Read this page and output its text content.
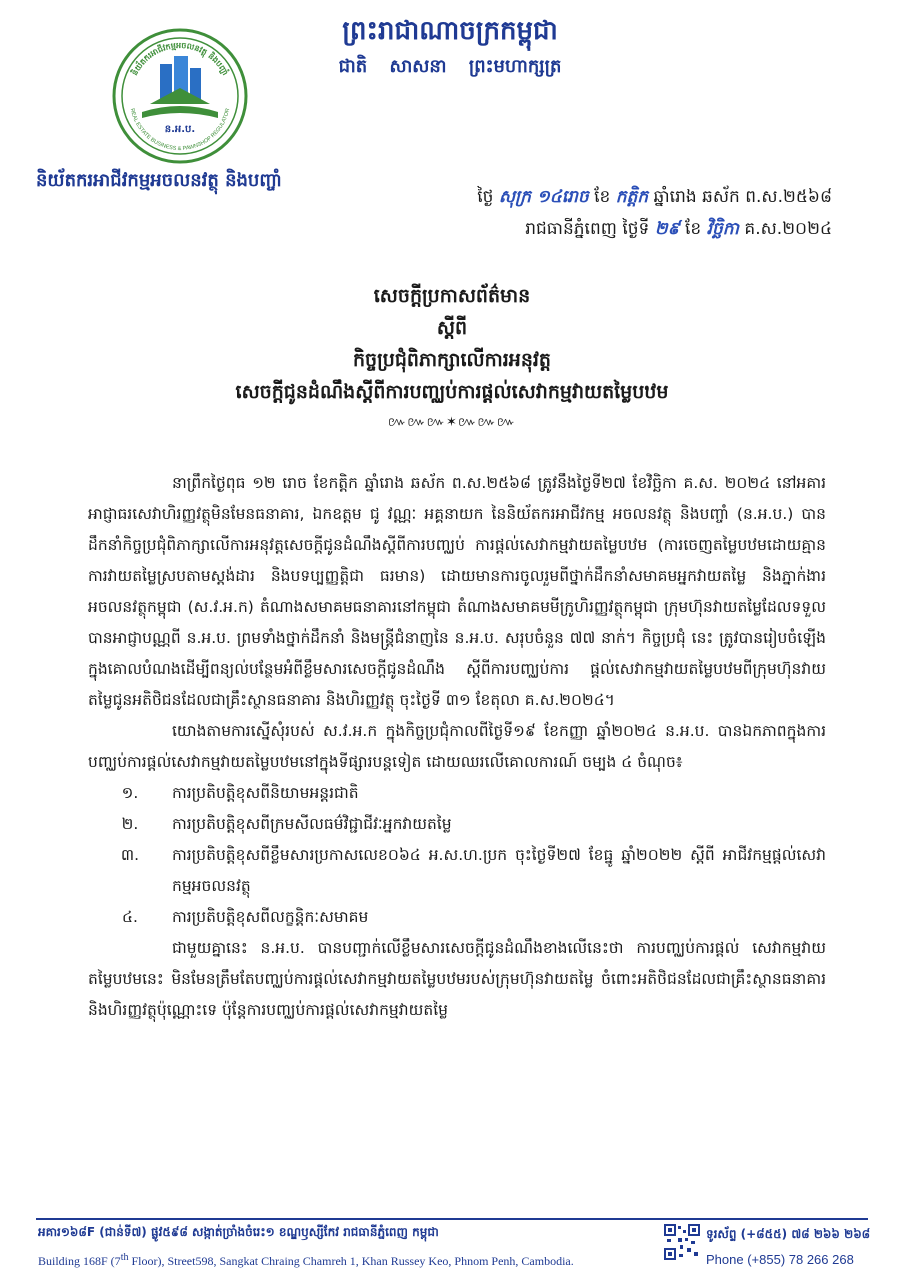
និយ័តករអាជីវកម្មអចលនវត្ថុ និងបញ្ចាំ
REAL ESTATE BUSINESS & PAWNSHOP REGULATOR
ន.អ.ប.
និយ័តករអាជីវកម្មអចលនវត្ថុ និងបញ្ចាំ
ព្រះរាជាណាចក្រកម្ពុជា
ជាតិ សាសនា ព្រះមហាក្សត្រ
ថ្ងៃ សុក្រ ១៤រោច ខែ កត្តិក ឆ្នាំរោង ឆស័ក ព.ស.២៥៦៨
រាជធានីភ្នំពេញ ថ្ងៃទី ២៩ ខែ វិច្ឆិកា គ.ស.២០២៤
សេចក្តីប្រកាសព័ត៌មាន
ស្តីពី
កិច្ចប្រជុំពិភាក្សាលើការអនុវត្ត
សេចក្តីជូនដំណឹងស្តីពីការបញ្ឈប់ការផ្តល់សេវាកម្មវាយតម្លៃបឋម
៚៚៚✶៚៚៚

នាព្រឹកថ្ងៃពុធ ១២ រោច ខែកត្តិក ឆ្នាំរោង ឆស័ក ព.ស.២៥៦៨ ត្រូវនឹងថ្ងៃទី២៧ ខែវិច្ឆិកា គ.ស. ២០២៤ នៅអគារអាជ្ញាធរសេវាហិរញ្ញវត្ថុមិនមែនធនាគារ, ឯកឧត្តម ជូ វណ្ណៈ អគ្គនាយក នៃនិយ័តករអាជីវកម្ម អចលនវត្ថុ និងបញ្ចាំ (ន.អ.ប.) បានដឹកនាំកិច្ចប្រជុំពិភាក្សាលើការអនុវត្តសេចក្តីជូនដំណឹងស្តីពីការបញ្ឈប់ ការផ្តល់សេវាកម្មវាយតម្លៃបឋម (ការចេញតម្លៃបឋមដោយគ្មានការវាយតម្លៃស្របតាមស្តង់ដារ និងបទប្បញ្ញត្តិជា ធរមាន) ដោយមានការចូលរួមពីថ្នាក់ដឹកនាំសមាគមអ្នកវាយតម្លៃ និងភ្នាក់ងារអចលនវត្ថុកម្ពុជា (ស.វ.អ.ក) តំណាងសមាគមធនាគារនៅកម្ពុជា តំណាងសមាគមមីក្រូហិរញ្ញវត្ថុកម្ពុជា ក្រុមហ៊ុនវាយតម្លៃដែលទទួល បានអាជ្ញាបណ្ណពី ន.អ.ប. ព្រមទាំងថ្នាក់ដឹកនាំ និងមន្ត្រីជំនាញនៃ ន.អ.ប. សរុបចំនួន ៧៧ នាក់។ កិច្ចប្រជុំ នេះ ត្រូវបានរៀបចំឡើងក្នុងគោលបំណងដើម្បីពន្យល់បន្ថែមអំពីខ្លឹមសារសេចក្តីជូនដំណឹង ស្តីពីការបញ្ឈប់ការ ផ្តល់សេវាកម្មវាយតម្លៃបឋមពីក្រុមហ៊ុនវាយតម្លៃជូនអតិថិជនដែលជាគ្រឹះស្ថានធនាគារ និងហិរញ្ញវត្ថុ ចុះថ្ងៃទី ៣១ ខែតុលា គ.ស.២០២៤។

យោងតាមការស្នើសុំរបស់ ស.វ.អ.ក ក្នុងកិច្ចប្រជុំកាលពីថ្ងៃទី១៩ ខែកញ្ញា ឆ្នាំ២០២៤ ន.អ.ប. បានឯកភាពក្នុងការបញ្ឈប់ការផ្តល់សេវាកម្មវាយតម្លៃបឋមនៅក្នុងទីផ្សារបន្តទៀត ដោយឈរលើគោលការណ៍ ចម្បង ៤ ចំណុច៖

១.	ការប្រតិបត្តិខុសពីនិយាមអន្តរជាតិ
២.	ការប្រតិបត្តិខុសពីក្រមសីលធម៌វិជ្ជាជីវៈអ្នកវាយតម្លៃ
៣.	ការប្រតិបត្តិខុសពីខ្លឹមសារប្រកាសលេខ០៦៤ អ.ស.ហ.ប្រក ចុះថ្ងៃទី២៧ ខែធ្នូ ឆ្នាំ២០២២ ស្តីពី អាជីវកម្មផ្តល់សេវាកម្មអចលនវត្ថុ
៤.	ការប្រតិបត្តិខុសពីលក្ខន្តិកៈសមាគម

ជាមួយគ្នានេះ ន.អ.ប. បានបញ្ជាក់លើខ្លឹមសារសេចក្តីជូនដំណឹងខាងលើនេះថា ការបញ្ឈប់ការផ្តល់ សេវាកម្មវាយតម្លៃបឋមនេះ មិនមែនត្រឹមតែបញ្ឈប់ការផ្តល់សេវាកម្មវាយតម្លៃបឋមរបស់ក្រុមហ៊ុនវាយតម្លៃ ចំពោះអតិថិជនដែលជាគ្រឹះស្ថានធនាគារ និងហិរញ្ញវត្ថុប៉ុណ្ណោះទេ ប៉ុន្តែការបញ្ឈប់ការផ្តល់សេវាកម្មវាយតម្លៃ

អគារ១៦៨F (ជាន់ទី៧) ផ្លូវ៥៩៨ សង្កាត់ច្រាំងចំរេះ១ ខណ្ឌឫស្សីកែវ រាជធានីភ្នំពេញ កម្ពុជា
Building 168F (7th Floor), Street598, Sangkat Chraing Chamreh 1, Khan Russey Keo, Phnom Penh, Cambodia.
ទូរស័ព្ទ (+៨៥៥) ៧៨ ២៦៦ ២៦៨
Phone (+855) 78 266 268
